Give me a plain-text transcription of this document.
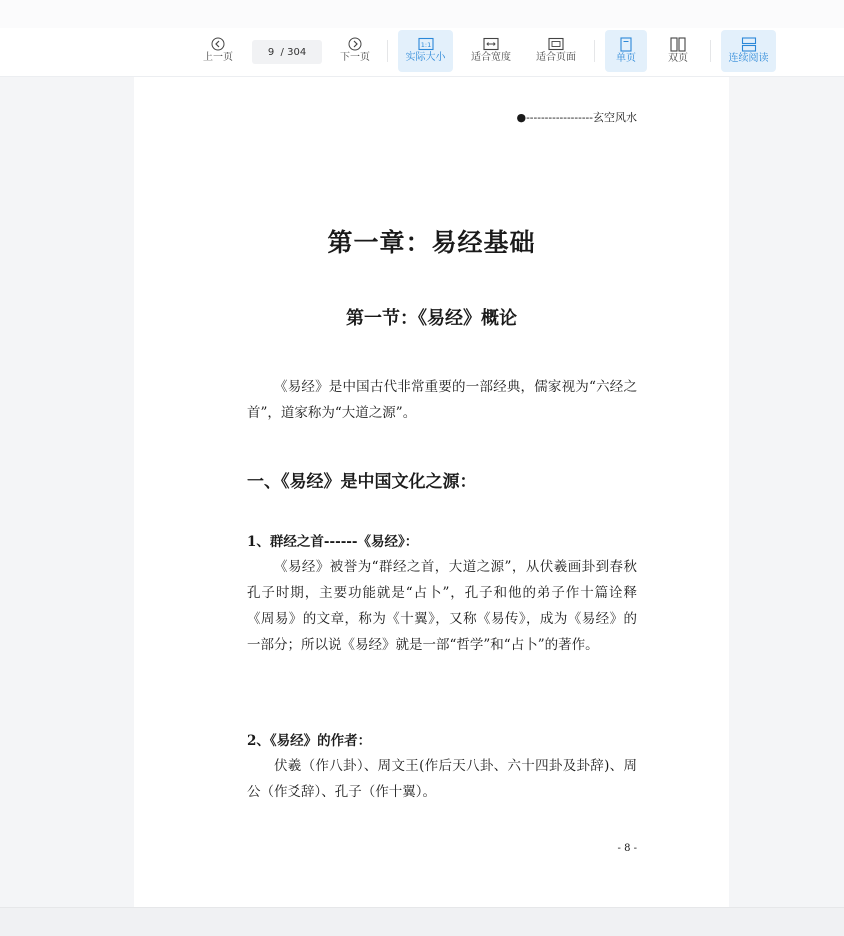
上一页	9
/ 304	下一页
1:1
实际大小	适合宽度	适合页面	单页	双页	连续阅读
●------------------玄空风水
第一章：易经基础
第一节：《易经》概论
《易经》是中国古代非常重要的一部经典，儒家视为“六经之首”，道家称为“大道之源”。
一、《易经》是中国文化之源：
1、群经之首------《易经》：
《易经》被誉为“群经之首，大道之源”，从伏羲画卦到春秋孔子时期，主要功能就是“占卜”，孔子和他的弟子作十篇诠释《周易》的文章，称为《十翼》，又称《易传》，成为《易经》的一部分；所以说《易经》就是一部“哲学”和“占卜”的著作。
2、《易经》的作者：
伏羲（作八卦）、周文王(作后天八卦、六十四卦及卦辞)、周公（作爻辞）、孔子（作十翼）。
- 8 -
